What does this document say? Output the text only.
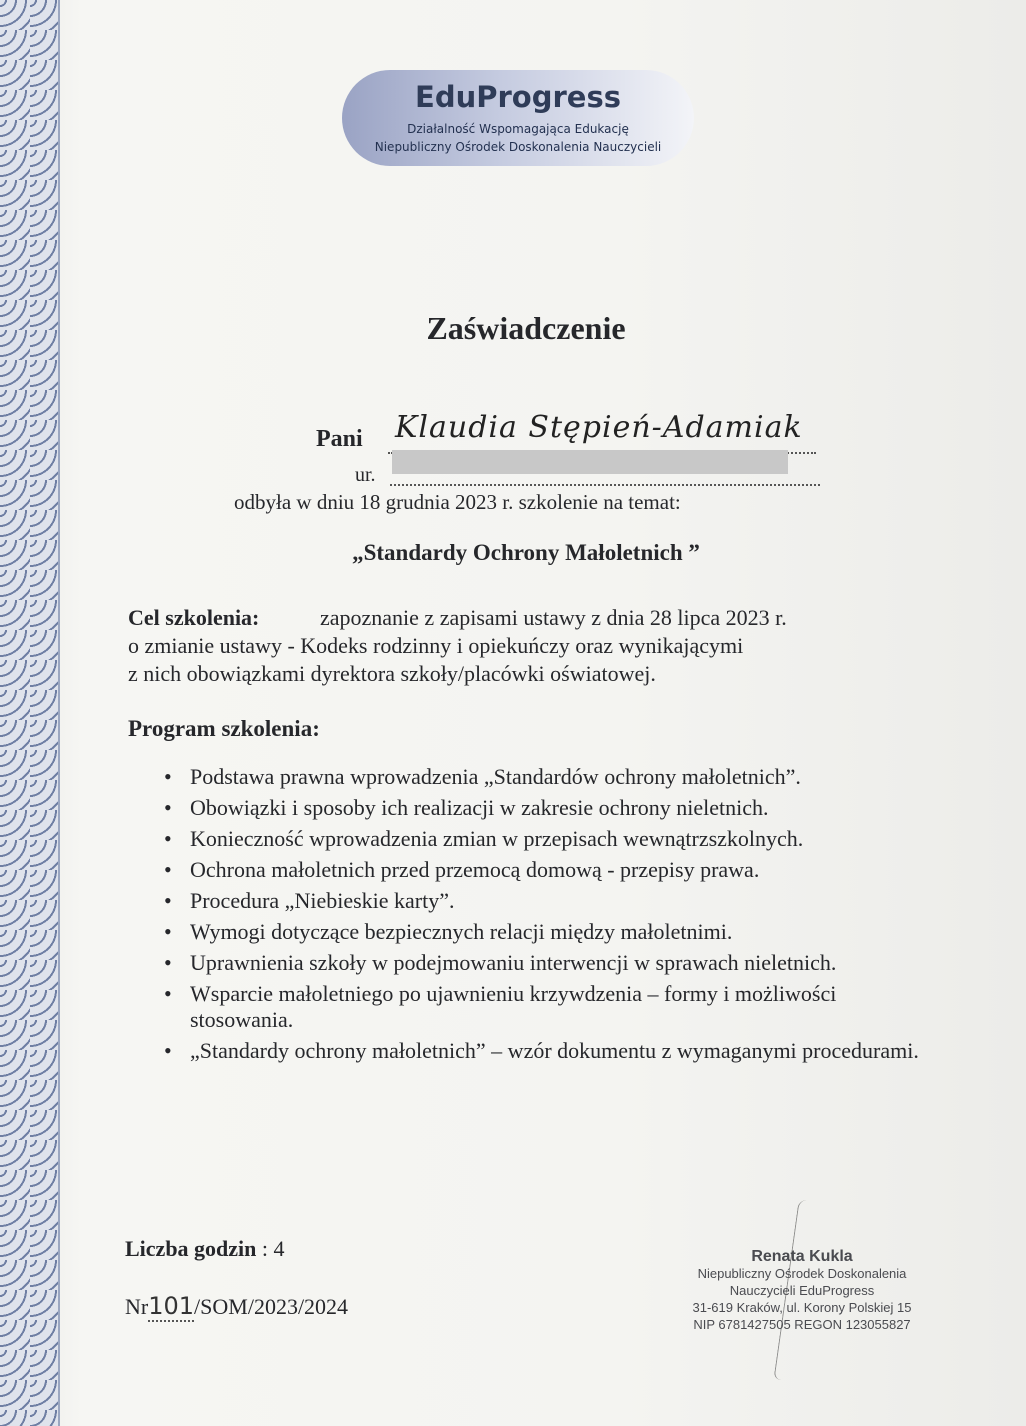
EduProgress
Działalność Wspomagająca Edukację
Niepubliczny Ośrodek Doskonalenia Nauczycieli
Zaświadczenie
Pani Klaudia Stępień-Adamiak
ur.
odbyła w dniu 18 grudnia 2023 r. szkolenie na temat:
„Standardy Ochrony Małoletnich ”
Cel szkolenia:	zapoznanie z zapisami ustawy z dnia 28 lipca 2023 r.
o zmianie ustawy - Kodeks rodzinny i opiekuńczy oraz wynikającymi
z nich obowiązkami dyrektora szkoły/placówki oświatowej.
Program szkolenia:
• Podstawa prawna wprowadzenia „Standardów ochrony małoletnich”.
• Obowiązki i sposoby ich realizacji w zakresie ochrony nieletnich.
• Konieczność wprowadzenia zmian w przepisach wewnątrzszkolnych.
• Ochrona małoletnich przed przemocą domową - przepisy prawa.
• Procedura „Niebieskie karty”.
• Wymogi dotyczące bezpiecznych relacji między małoletnimi.
• Uprawnienia szkoły w podejmowaniu interwencji w sprawach nieletnich.
• Wsparcie małoletniego po ujawnieniu krzywdzenia – formy i możliwości stosowania.
• „Standardy ochrony małoletnich” – wzór dokumentu z wymaganymi procedurami.
Liczba godzin : 4
Nr101/SOM/2023/2024
Renata Kukla
Niepubliczny Ośrodek Doskonalenia
Nauczycieli EduProgress
31-619 Kraków, ul. Korony Polskiej 15
NIP 6781427505 REGON 123055827
